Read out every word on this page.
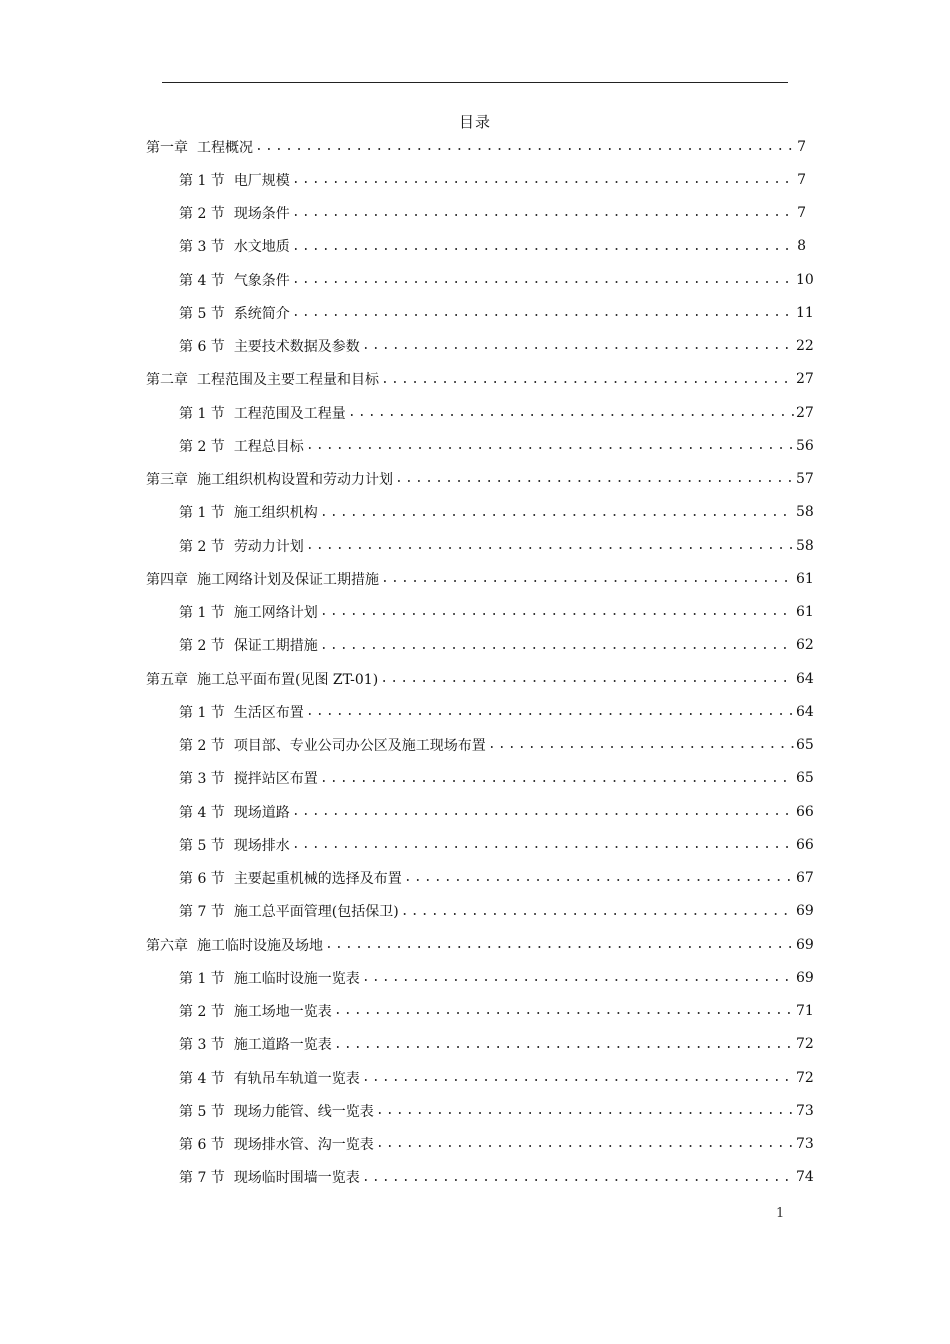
目录
第一章 工程概况 .....	7
第 1 节 电厂规模 .....	7
第 2 节 现场条件 .....	7
第 3 节 水文地质 .....	8
第 4 节 气象条件 .....	10
第 5 节 系统简介 .....	11
第 6 节 主要技术数据及参数 .....	22
第二章 工程范围及主要工程量和目标 .....	27
第 1 节 工程范围及工程量 .....	27
第 2 节 工程总目标 .....	56
第三章 施工组织机构设置和劳动力计划 .....	57
第 1 节 施工组织机构 .....	58
第 2 节 劳动力计划 .....	58
第四章 施工网络计划及保证工期措施 .....	61
第 1 节 施工网络计划 .....	61
第 2 节 保证工期措施 .....	62
第五章 施工总平面布置(见图 ZT-01) .....	64
第 1 节 生活区布置 .....	64
第 2 节 项目部、专业公司办公区及施工现场布置 .....	65
第 3 节 搅拌站区布置 .....	65
第 4 节 现场道路 .....	66
第 5 节 现场排水 .....	66
第 6 节 主要起重机械的选择及布置 .....	67
第 7 节 施工总平面管理(包括保卫) .....	69
第六章 施工临时设施及场地 .....	69
第 1 节 施工临时设施一览表 .....	69
第 2 节 施工场地一览表 .....	71
第 3 节 施工道路一览表 .....	72
第 4 节 有轨吊车轨道一览表 .....	72
第 5 节 现场力能管、线一览表 .....	73
第 6 节 现场排水管、沟一览表 .....	73
第 7 节 现场临时围墙一览表 .....	74
1
